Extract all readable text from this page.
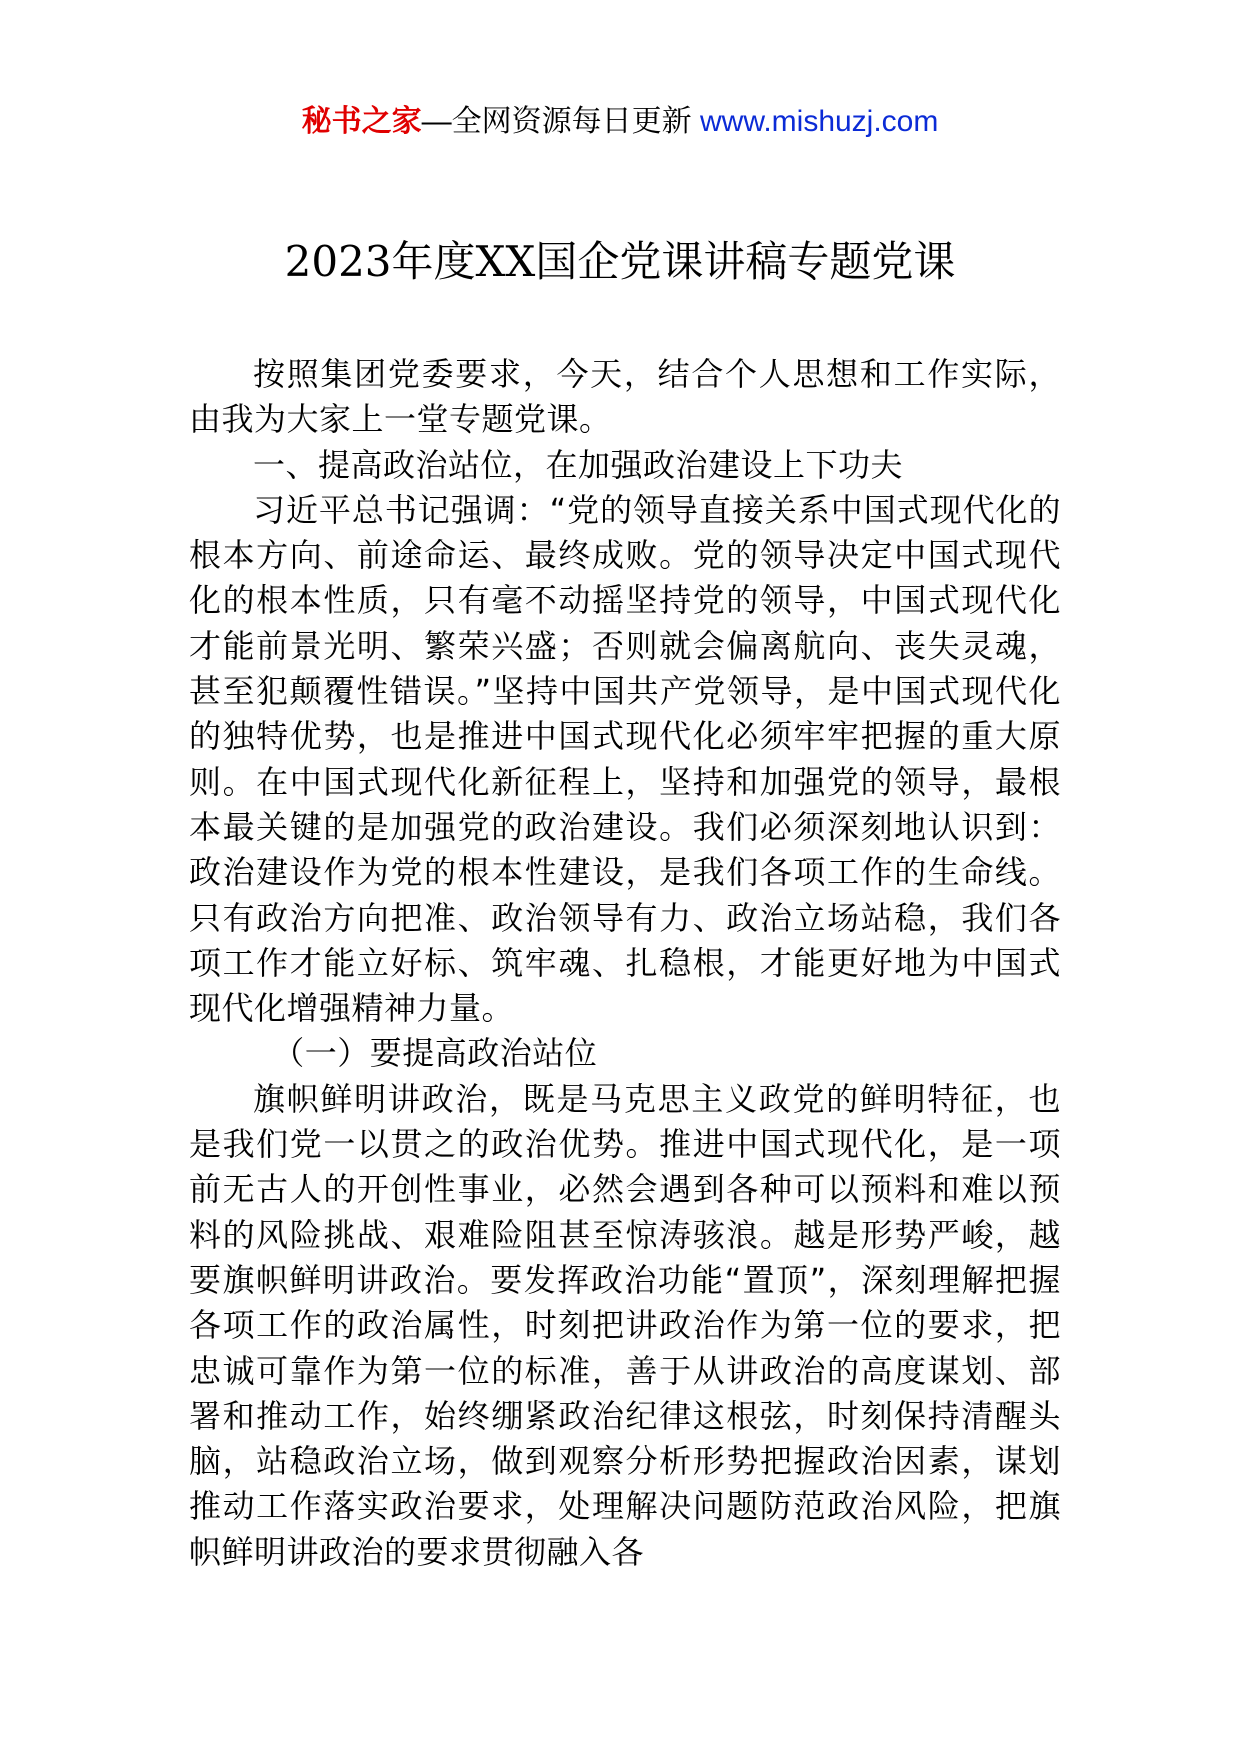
秘书之家—全网资源每日更新 www.mishuzj.com
2023年度XX国企党课讲稿专题党课

按照集团党委要求，今天，结合个人思想和工作实际，由我为大家上一堂专题党课。

一、提高政治站位，在加强政治建设上下功夫

习近平总书记强调：“党的领导直接关系中国式现代化的根本方向、前途命运、最终成败。党的领导决定中国式现代化的根本性质，只有毫不动摇坚持党的领导，中国式现代化才能前景光明、繁荣兴盛；否则就会偏离航向、丧失灵魂，甚至犯颠覆性错误。”坚持中国共产党领导，是中国式现代化的独特优势，也是推进中国式现代化必须牢牢把握的重大原则。在中国式现代化新征程上，坚持和加强党的领导，最根本最关键的是加强党的政治建设。我们必须深刻地认识到：政治建设作为党的根本性建设，是我们各项工作的生命线。只有政治方向把准、政治领导有力、政治立场站稳，我们各项工作才能立好标、筑牢魂、扎稳根，才能更好地为中国式现代化增强精神力量。

（一）要提高政治站位

旗帜鲜明讲政治，既是马克思主义政党的鲜明特征，也是我们党一以贯之的政治优势。推进中国式现代化，是一项前无古人的开创性事业，必然会遇到各种可以预料和难以预料的风险挑战、艰难险阻甚至惊涛骇浪。越是形势严峻，越要旗帜鲜明讲政治。要发挥政治功能“置顶”，深刻理解把握各项工作的政治属性，时刻把讲政治作为第一位的要求，把忠诚可靠作为第一位的标准，善于从讲政治的高度谋划、部署和推动工作，始终绷紧政治纪律这根弦，时刻保持清醒头脑，站稳政治立场，做到观察分析形势把握政治因素，谋划推动工作落实政治要求，处理解决问题防范政治风险，把旗帜鲜明讲政治的要求贯彻融入各
